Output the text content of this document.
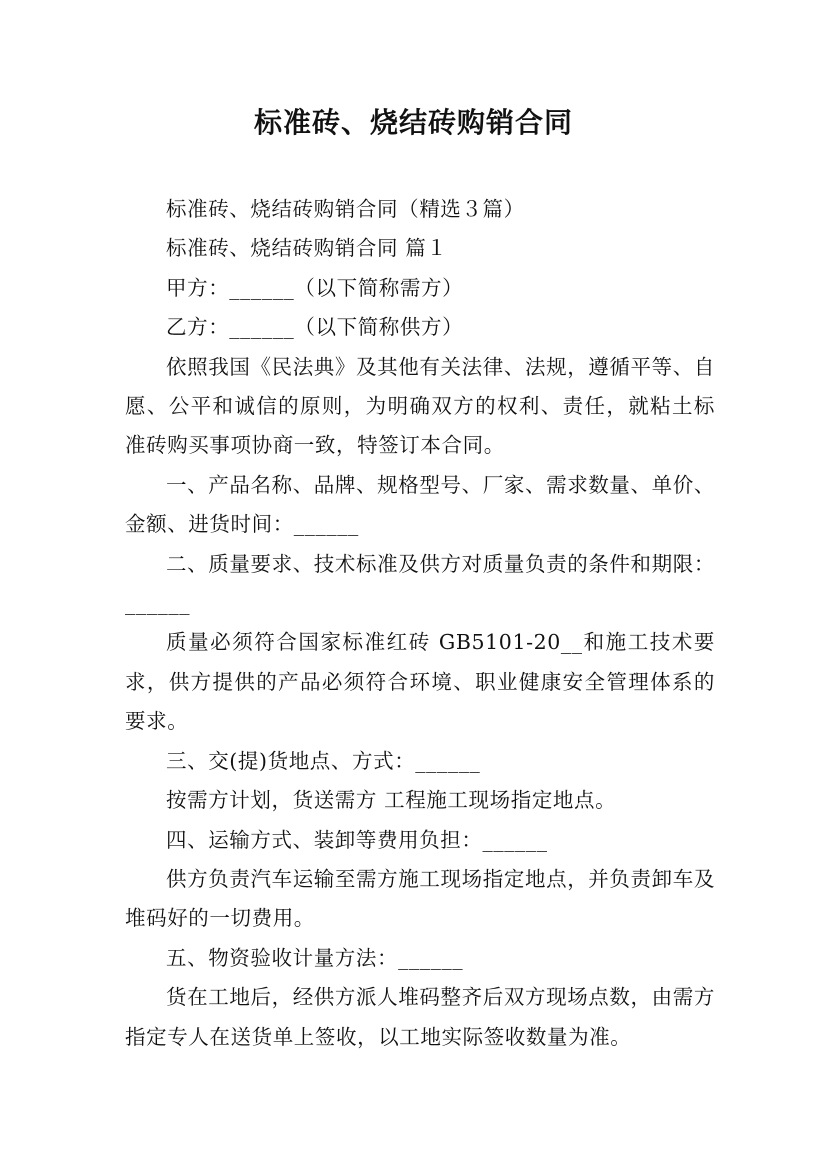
标准砖、烧结砖购销合同

标准砖、烧结砖购销合同（精选３篇）

标准砖、烧结砖购销合同 篇１

甲方：______（以下简称需方）

乙方：______（以下简称供方）

依照我国《民法典》及其他有关法律、法规，遵循平等、自愿、公平和诚信的原则，为明确双方的权利、责任，就粘土标准砖购买事项协商一致，特签订本合同。

一、产品名称、品牌、规格型号、厂家、需求数量、单价、金额、进货时间：______

二、质量要求、技术标准及供方对质量负责的条件和期限：______

质量必须符合国家标准红砖 GB5101-20__和施工技术要求，供方提供的产品必须符合环境、职业健康安全管理体系的要求。

三、交(提)货地点、方式：______

按需方计划，货送需方 工程施工现场指定地点。

四、运输方式、装卸等费用负担：______

供方负责汽车运输至需方施工现场指定地点，并负责卸车及堆码好的一切费用。

五、物资验收计量方法：______

货在工地后，经供方派人堆码整齐后双方现场点数，由需方指定专人在送货单上签收，以工地实际签收数量为准。
